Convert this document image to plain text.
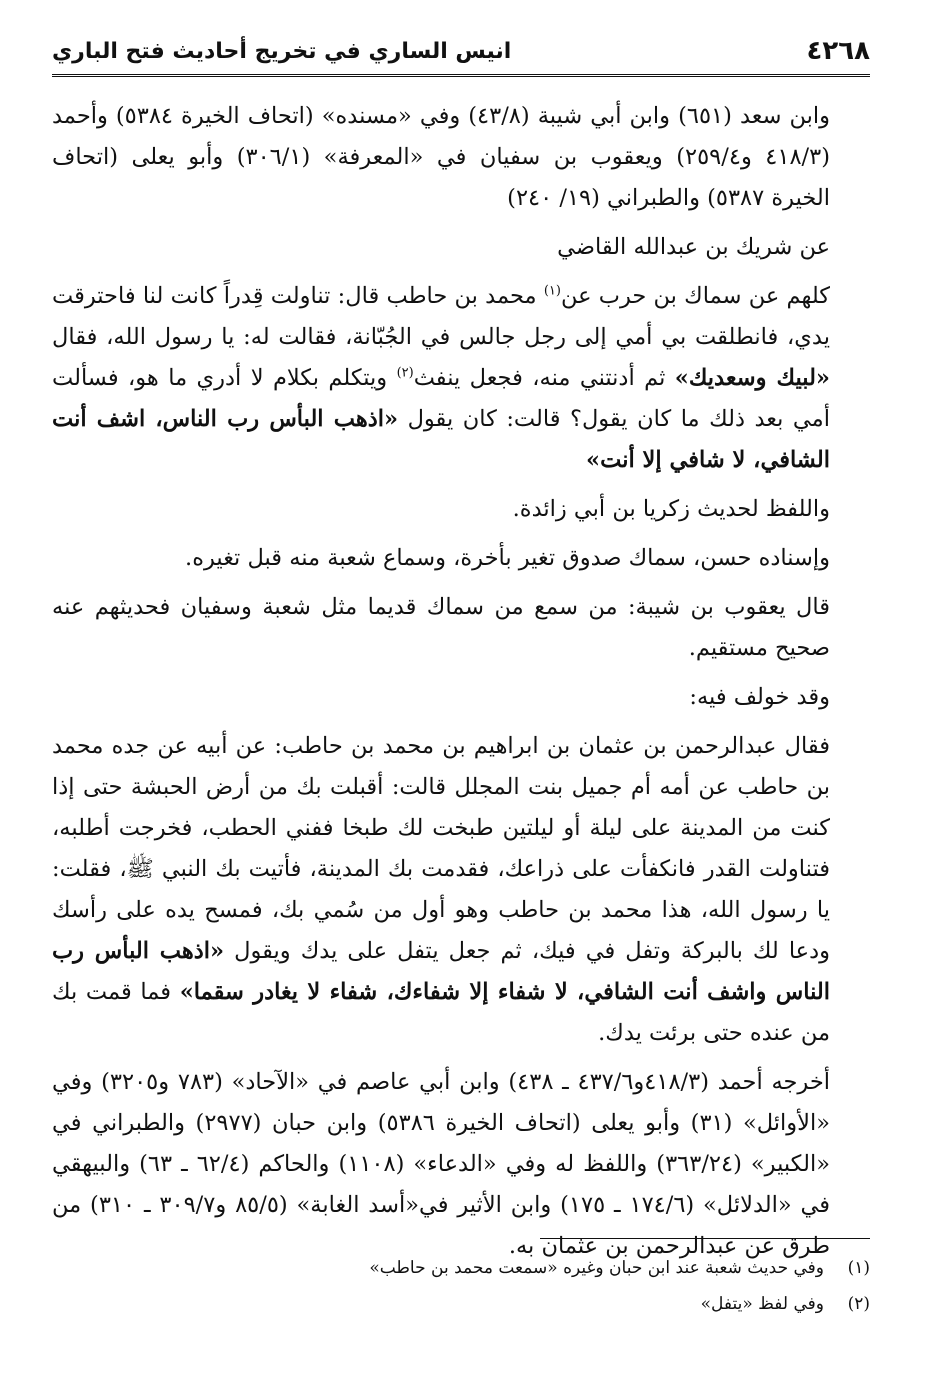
٤٢٦٨
انيس الساري في تخريج أحاديث فتح الباري

وابن سعد (٦٥١) وابن أبي شيبة (٤٣/٨) وفي «مسنده» (اتحاف الخيرة ٥٣٨٤) وأحمد (٤١٨/٣ و٢٥٩/٤) ويعقوب بن سفيان في «المعرفة» (٣٠٦/١) وأبو يعلى (اتحاف الخيرة ٥٣٨٧) والطبراني (١٩/ ٢٤٠)

عن شريك بن عبدالله القاضي

كلهم عن سماك بن حرب عن$^{(١)}$ محمد بن حاطب قال: تناولت قِدراً كانت لنا فاحترقت يدي، فانطلقت بي أمي إلى رجل جالس في الجُبّانة، فقالت له: يا رسول الله، فقال «لبيك وسعديك» ثم أدنتني منه، فجعل ينفث$^{(٢)}$ ويتكلم بكلام لا أدري ما هو، فسألت أمي بعد ذلك ما كان يقول؟ قالت: كان يقول «اذهب البأس رب الناس، اشف أنت الشافي، لا شافي إلا أنت»

واللفظ لحديث زكريا بن أبي زائدة.

وإسناده حسن، سماك صدوق تغير بأخرة، وسماع شعبة منه قبل تغيره.

قال يعقوب بن شيبة: من سمع من سماك قديما مثل شعبة وسفيان فحديثهم عنه صحيح مستقيم.

وقد خولف فيه:

فقال عبدالرحمن بن عثمان بن ابراهيم بن محمد بن حاطب: عن أبيه عن جده محمد بن حاطب عن أمه أم جميل بنت المجلل قالت: أقبلت بك من أرض الحبشة حتى إذا كنت من المدينة على ليلة أو ليلتين طبخت لك طبخا ففني الحطب، فخرجت أطلبه، فتناولت القدر فانكفأت على ذراعك، فقدمت بك المدينة، فأتيت بك النبي ﷺ، فقلت: يا رسول الله، هذا محمد بن حاطب وهو أول من سُمي بك، فمسح يده على رأسك ودعا لك بالبركة وتفل في فيك، ثم جعل يتفل على يدك ويقول «اذهب البأس رب الناس واشف أنت الشافي، لا شفاء إلا شفاءك، شفاء لا يغادر سقما» فما قمت بك من عنده حتى برئت يدك.

أخرجه أحمد (٤١٨/٣و٤٣٧/٦ ـ ٤٣٨) وابن أبي عاصم في «الآحاد» (٧٨٣ و٣٢٠٥) وفي «الأوائل» (٣١) وأبو يعلى (اتحاف الخيرة ٥٣٨٦) وابن حبان (٢٩٧٧) والطبراني في «الكبير» (٣٦٣/٢٤) واللفظ له وفي «الدعاء» (١١٠٨) والحاكم (٦٢/٤ ـ ٦٣) والبيهقي في «الدلائل» (١٧٤/٦ ـ ١٧٥) وابن الأثير في«أسد الغابة» (٨٥/٥ و٣٠٩/٧ ـ ٣١٠) من طرق عن عبدالرحمن بن عثمان به.

(١)وفي حديث شعبة عند ابن حبان وغيره «سمعت محمد بن حاطب»
(٢)وفي لفظ «يتفل»
